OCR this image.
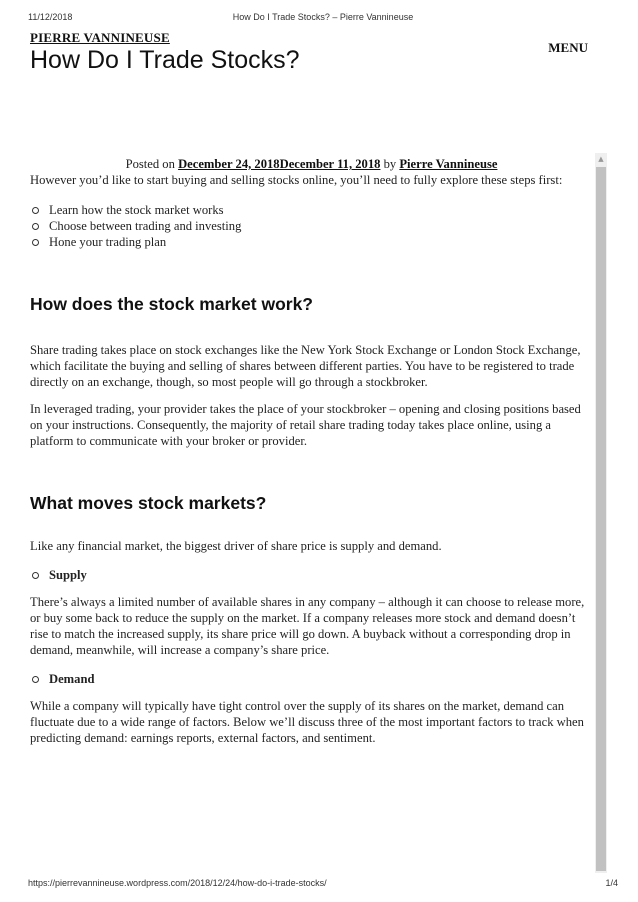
11/12/2018	How Do I Trade Stocks? – Pierre Vannineuse
PIERRE VANNINEUSE
MENU
How Do I Trade Stocks?
▲

Posted on December 24, 2018December 11, 2018 by Pierre Vannineuse

However you’d like to start buying and selling stocks online, you’ll need to fully explore these steps first:

Learn how the stock market works
Choose between trading and investing
Hone your trading plan
How does the stock market work?

Share trading takes place on stock exchanges like the New York Stock Exchange or London Stock Exchange, which facilitate the buying and selling of shares between different parties. You have to be registered to trade directly on an exchange, though, so most people will go through a stockbroker.

In leveraged trading, your provider takes the place of your stockbroker – opening and closing positions based on your instructions. Consequently, the majority of retail share trading today takes place online, using a platform to communicate with your broker or provider.

What moves stock markets?

Like any financial market, the biggest driver of share price is supply and demand.

Supply

There’s always a limited number of available shares in any company – although it can choose to release more, or buy some back to reduce the supply on the market. If a company releases more stock and demand doesn’t rise to match the increased supply, its share price will go down. A buyback without a corresponding drop in demand, meanwhile, will increase a company’s share price.

Demand

While a company will typically have tight control over the supply of its shares on the market, demand can fluctuate due to a wide range of factors. Below we’ll discuss three of the most important factors to track when predicting demand: earnings reports, external factors, and sentiment.

https://pierrevannineuse.wordpress.com/2018/12/24/how-do-i-trade-stocks/	1/4
